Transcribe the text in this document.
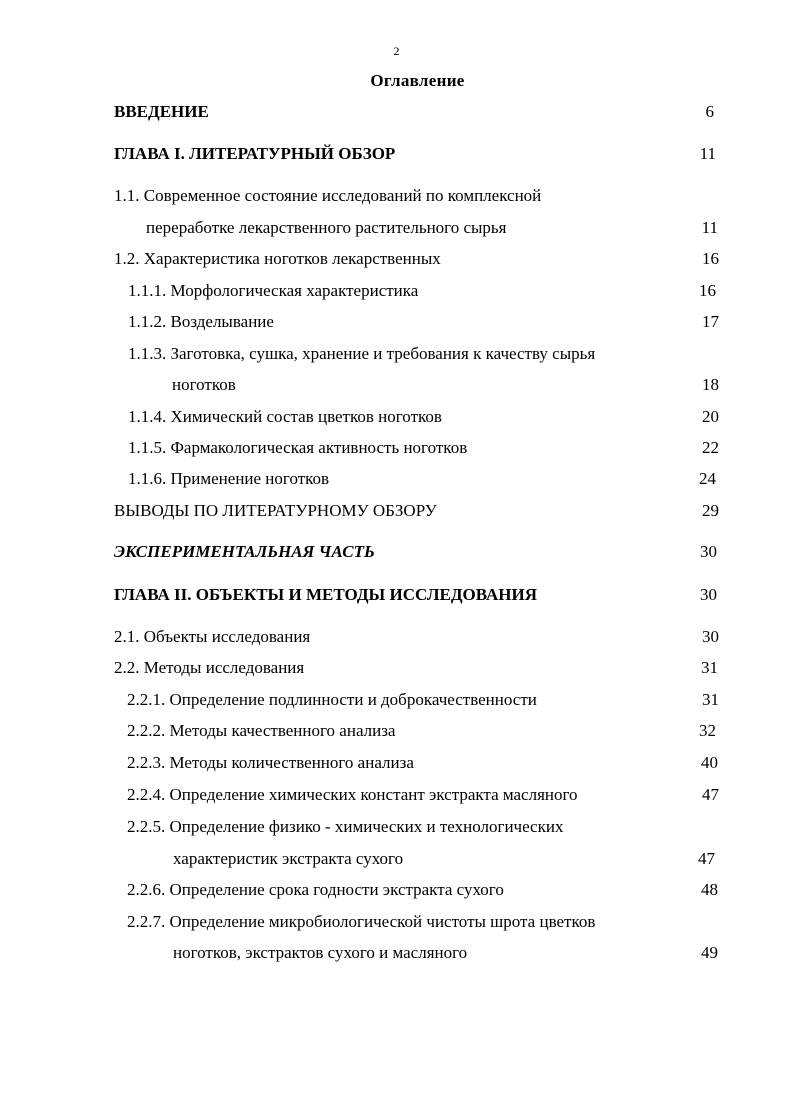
2
Оглавление
ВВЕДЕНИЕ	6
ГЛАВА I. ЛИТЕРАТУРНЫЙ ОБЗОР	11
1.1. Современное состояние исследований по комплексной
переработке лекарственного растительного сырья	11
1.2. Характеристика ноготков лекарственных	16
1.1.1. Морфологическая характеристика	16
1.1.2. Возделывание	17
1.1.3. Заготовка, сушка, хранение и требования к качеству сырья
ноготков	18
1.1.4. Химический состав цветков ноготков	20
1.1.5. Фармакологическая активность ноготков	22
1.1.6. Применение ноготков	24
ВЫВОДЫ ПО ЛИТЕРАТУРНОМУ ОБЗОРУ	29
ЭКСПЕРИМЕНТАЛЬНАЯ ЧАСТЬ	30
ГЛАВА II. ОБЪЕКТЫ И МЕТОДЫ ИССЛЕДОВАНИЯ	30
2.1. Объекты исследования	30
2.2. Методы исследования	31
2.2.1. Определение подлинности и доброкачественности	31
2.2.2. Методы качественного анализа	32
2.2.3. Методы количественного анализа	40
2.2.4. Определение химических констант экстракта масляного	47
2.2.5. Определение физико - химических и технологических
характеристик экстракта сухого	47
2.2.6. Определение срока годности экстракта сухого	48
2.2.7. Определение микробиологической чистоты шрота цветков
ноготков, экстрактов сухого и масляного	49
